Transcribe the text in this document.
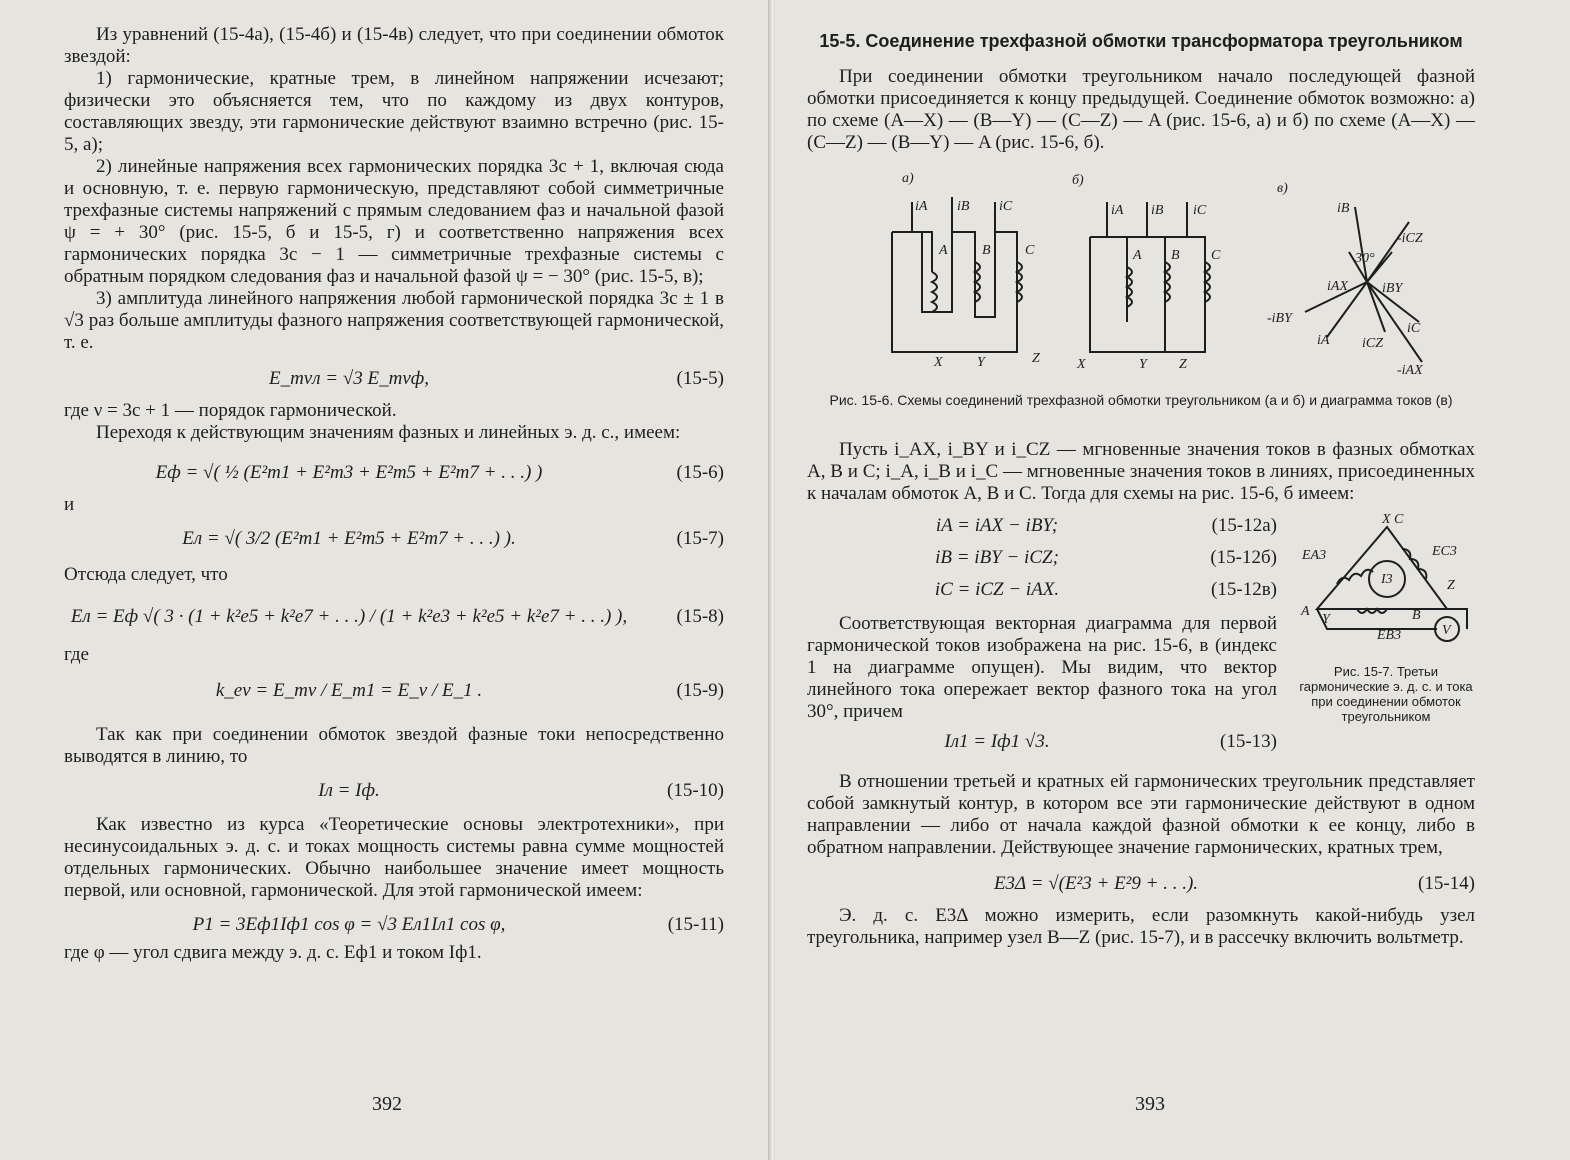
Из уравнений (15-4а), (15-4б) и (15-4в) следует, что при соединении обмоток звездой:

1) гармонические, кратные трем, в линейном напряжении исчезают; физически это объясняется тем, что по каждому из двух контуров, составляющих звезду, эти гармонические действуют взаимно встречно (рис. 15-5, а);

2) линейные напряжения всех гармонических порядка 3c + 1, включая сюда и основную, т. е. первую гармоническую, представляют собой симметричные трехфазные системы напряжений с прямым следованием фаз и начальной фазой ψ = + 30° (рис. 15-5, б и 15-5, г) и соответственно напряжения всех гармонических порядка 3c − 1 — симметричные трехфазные системы с обратным порядком следования фаз и начальной фазой ψ = − 30° (рис. 15-5, в);

3) амплитуда линейного напряжения любой гармонической порядка 3c ± 1 в √3 раз больше амплитуды фазного напряжения соответствующей гармонической, т. е.

E_mνл = √3 E_mνф,	(15-5)

где ν = 3c + 1 — порядок гармонической.

Переходя к действующим значениям фазных и линейных э. д. с., имеем:

Eф = √( ½ (E²m1 + E²m3 + E²m5 + E²m7 + . . .) )	(15-6)

и

Eл = √( 3/2 (E²m1 + E²m5 + E²m7 + . . .) ).	(15-7)

Отсюда следует, что

Eл = Eф √( 3 · (1 + k²e5 + k²e7 + . . .) / (1 + k²e3 + k²e5 + k²e7 + . . .) ),	(15-8)

где

k_eν = E_mν / E_m1 = E_ν / E_1 .	(15-9)

Так как при соединении обмоток звездой фазные токи непосредственно выводятся в линию, то

Iл = Iф.	(15-10)

Как известно из курса «Теоретические основы электротехники», при несинусоидальных э. д. с. и токах мощность системы равна сумме мощностей отдельных гармонических. Обычно наибольшее значение имеет мощность первой, или основной, гармонической. Для этой гармонической имеем:

P1 = 3Eф1Iф1 cos φ = √3 Eл1Iл1 cos φ,	(15-11)

где φ — угол сдвига между э. д. с. Eф1 и током Iф1.

392
15-5. Соединение трехфазной обмотки трансформатора треугольником

При соединении обмотки треугольником начало последующей фазной обмотки присоединяется к концу предыдущей. Соединение обмоток возможно: а) по схеме (A—X) — (B—Y) — (C—Z) — A (рис. 15-6, а) и б) по схеме (A—X) — (C—Z) — (B—Y) — A (рис. 15-6, б).

а)	б)
в)
iA iB iC
A B C
X Y	Z
iA iB iC
A B C
X	Y Z
iB
-iCZ
30°
iAX iBY
-iBY
iA iCZ
iC
-iAX
Рис. 15-6. Схемы соединений трехфазной обмотки треугольником (а и б) и диаграмма токов (в)

Пусть i_AX, i_BY и i_CZ — мгновенные значения токов в фазных обмотках A, B и C; i_A, i_B и i_C — мгновенные значения токов в линиях, присоединенных к началам обмоток A, B и C. Тогда для схемы на рис. 15-6, б имеем:

iA = iAX − iBY;	(15-12а)
iB = iBY − iCZ;	(15-12б)
iC = iCZ − iAX.	(15-12в)

Соответствующая векторная диаграмма для первой гармонической токов изображена на рис. 15-6, в (индекс 1 на диаграмме опущен). Мы видим, что вектор линейного тока опережает вектор фазного тока на угол 30°, причем

Iл1 = Iф1 √3.	(15-13)
X C
EA3	EC3
I3	Z
A
Y	B
EB3	V
Рис. 15-7. Третьи гармонические э. д. с. и тока при соединении обмоток треугольником

В отношении третьей и кратных ей гармонических треугольник представляет собой замкнутый контур, в котором все эти гармонические действуют в одном направлении — либо от начала каждой фазной обмотки к ее концу, либо в обратном направлении. Действующее значение гармонических, кратных трем,

E3Δ = √(E²3 + E²9 + . . .).	(15-14)

Э. д. с. E3Δ можно измерить, если разомкнуть какой-нибудь узел треугольника, например узел B—Z (рис. 15-7), и в рассечку включить вольтметр.

393
